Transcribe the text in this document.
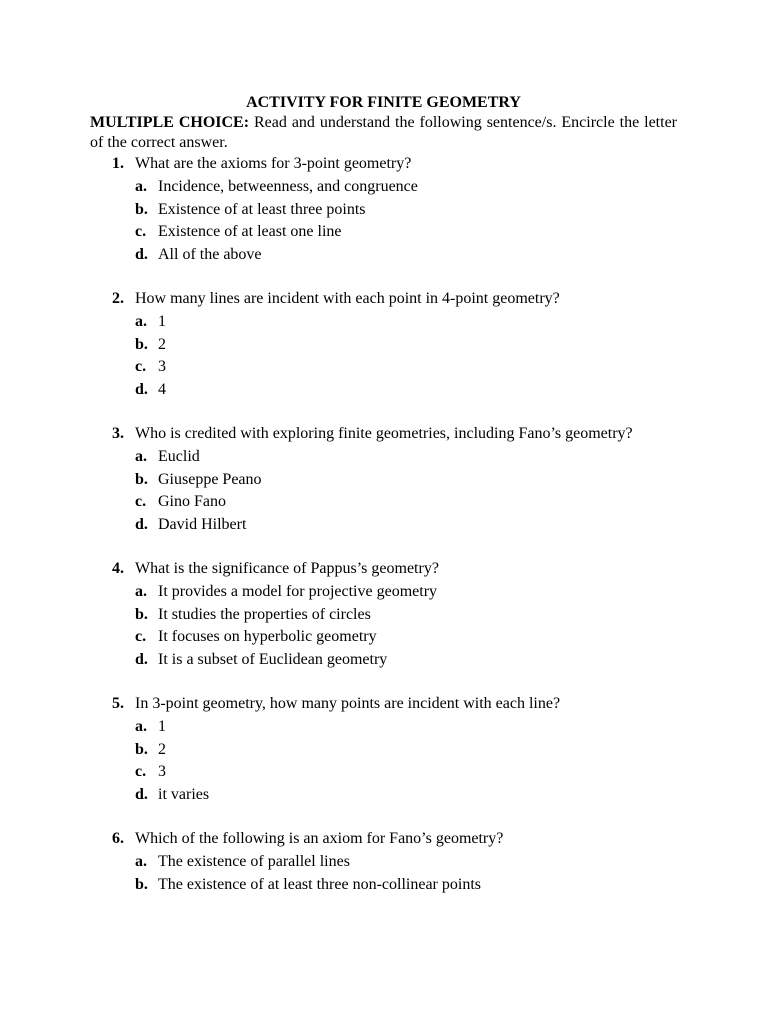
ACTIVITY FOR FINITE GEOMETRY

MULTIPLE CHOICE: Read and understand the following sentence/s. Encircle the letter of the correct answer.

1. What are the axioms for 3-point geometry?
a. Incidence, betweenness, and congruence
b. Existence of at least three points
c. Existence of at least one line
d. All of the above
2. How many lines are incident with each point in 4-point geometry?
a. 1
b. 2
c. 3
d. 4
3. Who is credited with exploring finite geometries, including Fano’s geometry?
a. Euclid
b. Giuseppe Peano
c. Gino Fano
d. David Hilbert
4. What is the significance of Pappus’s geometry?
a. It provides a model for projective geometry
b. It studies the properties of circles
c. It focuses on hyperbolic geometry
d. It is a subset of Euclidean geometry
5. In 3-point geometry, how many points are incident with each line?
a. 1
b. 2
c. 3
d. it varies
6. Which of the following is an axiom for Fano’s geometry?
a. The existence of parallel lines
b. The existence of at least three non-collinear points
